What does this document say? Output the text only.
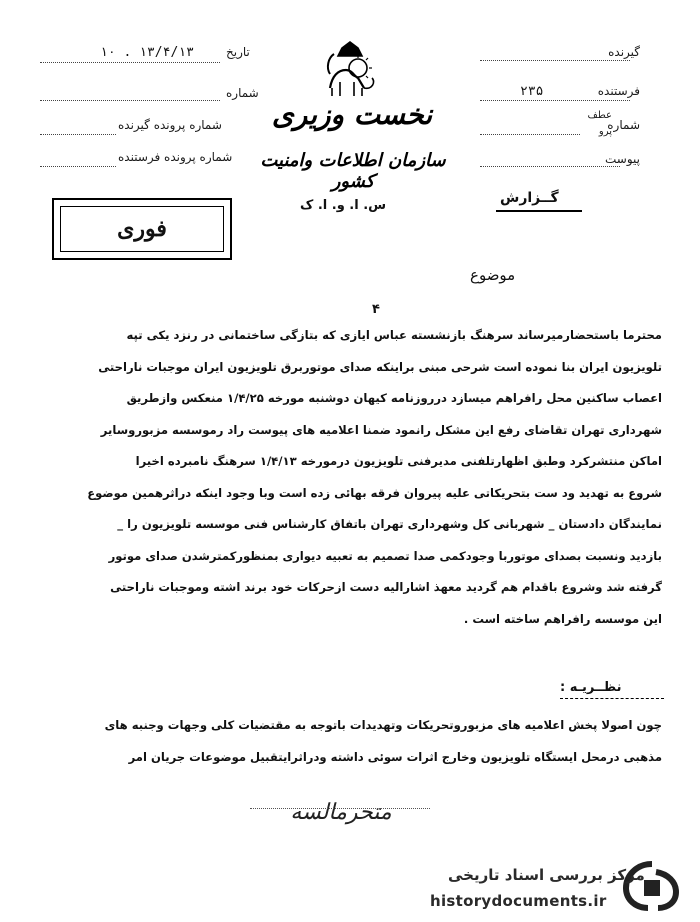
گیرنده
فرستنده
۲۳۵
شماره
عطف
پرو
پیوست
تاریخ
۱۳/۴/۱۳ . ۱۰
شماره
شماره پرونده گیرنده
شماره پرونده فرستنده
نخست وزیری
سازمان اطلاعات وامنیت کشور
س. ا. و. ا. ک	گــزارش
فوری
موضوع
۴
محترما باستحضارمیرساند سرهنگ بازنشسته عباس ایازی که بتازگی ساختمانی در رنزد یکی تپه
تلویزیون ایران بنا نموده است شرحی مبنی براینکه صدای موتوربرق تلویزیون ایران موجبات ناراحتی
اعصاب ساکنین محل رافراهم میسازد درروزنامه کیهان دوشنبه مورخه ۱/۴/۲۵ منعکس وازطریق
شهرداری تهران تقاضای رفع این مشکل رانمود ضمنا اعلامیه های پیوست راد رموسسه مزبوروسایر
اماکن منتشرکرد وطبق اظهارتلفنی مدیرفنی تلویزیون درمورخه ۱/۴/۱۳ سرهنگ نامبرده اخیرا
شروع به تهدید ود ست بتحریکاتی علیه پیروان فرقه بهائی زده است وبا وجود اینکه دراثرهمین موضوع
نمایندگان دادستان _ شهربانی کل وشهرداری تهران باتفاق کارشناس فنی موسسه تلویزیون را _
بازدید ونسبت بصدای موتوربا وجودکمی صدا تصمیم به تعبیه دیواری بمنظورکمترشدن صدای موتور
گرفته شد وشروع باقدام هم گردید معهذ اشارالیه دست ازحرکات خود برند اشته وموجبات ناراحتی
این موسسه رافراهم ساخته است .
نظــریـه :
چون اصولا پخش اعلامیه های مزبوروتحریکات وتهدیدات باتوجه به مقتضیات کلی وجهات وجنبه های
مذهبی درمحل ایستگاه تلویزیون وخارج اثرات سوئی داشته ودراثرایتقبیل موضوعات جریان امر
متحرمالسه
مرکز بررسی اسناد تاریخی
historydocuments.ir
